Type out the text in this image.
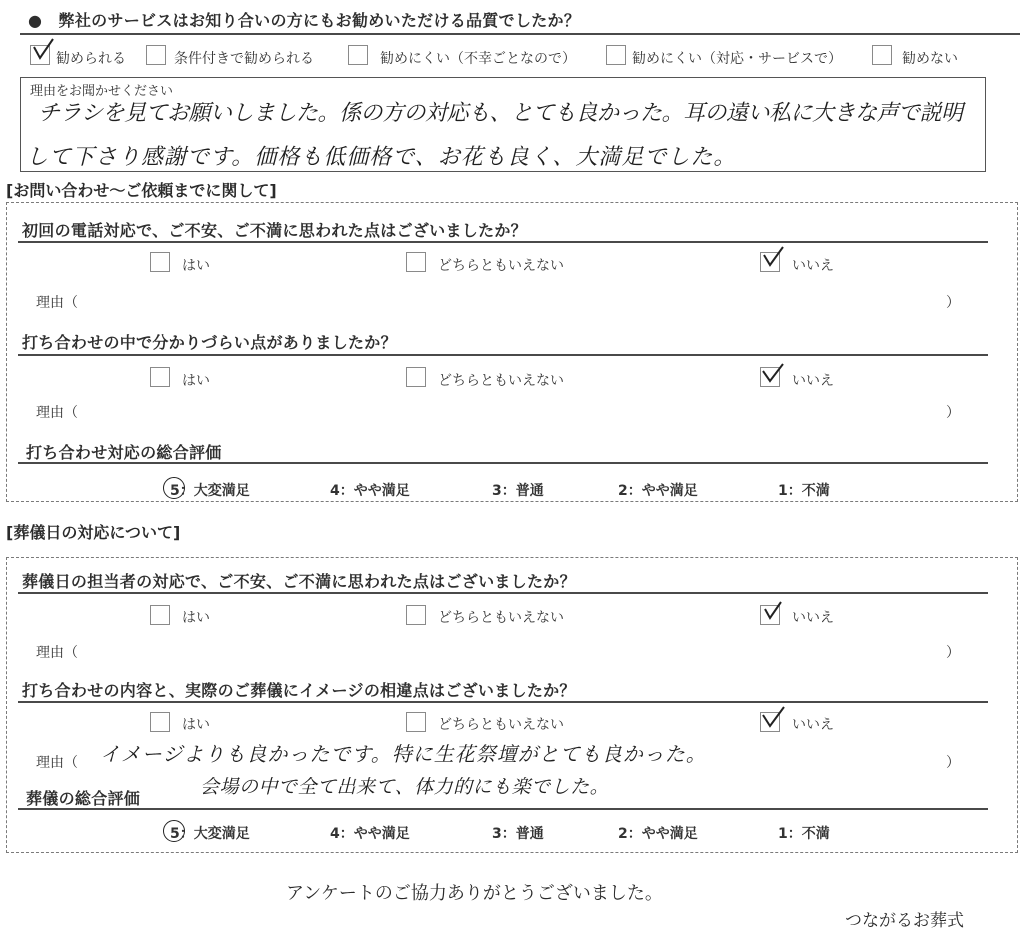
●　弊社のサービスはお知り合いの方にもお勧めいただける品質でしたか？
勧められる	条件付きで勧められる	勧めにくい（不幸ごとなので）	勧めにくい（対応・サービスで）	勧めない
理由をお聞かせください
チラシを見てお願いしました。係の方の対応も、とても良かった。耳の遠い私に大きな声で説明
して下さり感謝です。価格も低価格で、お花も良く、大満足でした。
[お問い合わせ～ご依頼までに関して]
初回の電話対応で、ご不安、ご不満に思われた点はございましたか？
はい	どちらともいえない	いいえ
理由（	）
打ち合わせの中で分かりづらい点がありましたか？
はい	どちらともいえない	いいえ
理由（	）
打ち合わせ対応の総合評価
5：大変満足	4：やや満足	3：普通	2：やや満足	1：不満
[葬儀日の対応について]
葬儀日の担当者の対応で、ご不安、ご不満に思われた点はございましたか？
はい	どちらともいえない	いいえ
理由（	）
打ち合わせの内容と、実際のご葬儀にイメージの相違点はございましたか？
はい	どちらともいえない	いいえ
理由（ イメージよりも良かったです。特に生花祭壇がとても良かった。
会場の中で全て出来て、体力的にも楽でした。
）
葬儀の総合評価
5：大変満足	4：やや満足	3：普通	2：やや満足	1：不満
アンケートのご協力ありがとうございました。
つながるお葬式
